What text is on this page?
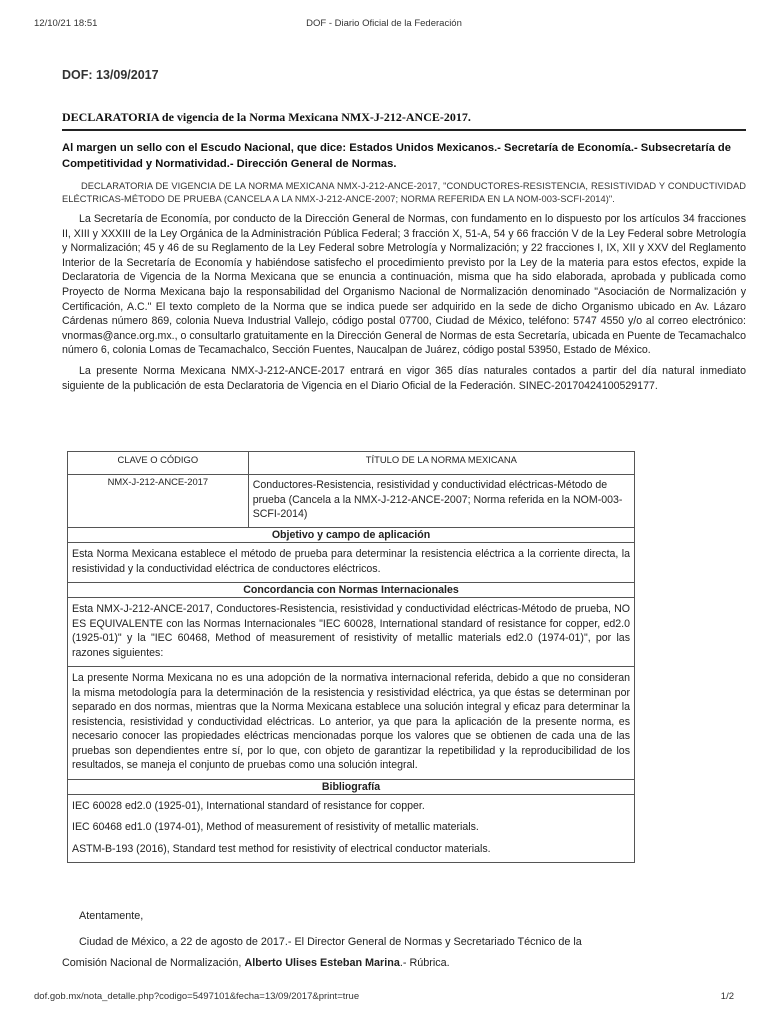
12/10/21 18:51	DOF - Diario Oficial de la Federación
DOF: 13/09/2017
DECLARATORIA de vigencia de la Norma Mexicana NMX-J-212-ANCE-2017.
Al margen un sello con el Escudo Nacional, que dice: Estados Unidos Mexicanos.- Secretaría de Economía.- Subsecretaría de Competitividad y Normatividad.- Dirección General de Normas.
DECLARATORIA DE VIGENCIA DE LA NORMA MEXICANA NMX-J-212-ANCE-2017, "CONDUCTORES-RESISTENCIA, RESISTIVIDAD Y CONDUCTIVIDAD ELÉCTRICAS-MÉTODO DE PRUEBA (CANCELA A LA NMX-J-212-ANCE-2007; NORMA REFERIDA EN LA NOM-003-SCFI-2014)".
La Secretaría de Economía, por conducto de la Dirección General de Normas, con fundamento en lo dispuesto por los artículos 34 fracciones II, XIII y XXXIII de la Ley Orgánica de la Administración Pública Federal; 3 fracción X, 51-A, 54 y 66 fracción V de la Ley Federal sobre Metrología y Normalización; 45 y 46 de su Reglamento de la Ley Federal sobre Metrología y Normalización; y 22 fracciones I, IX, XII y XXV del Reglamento Interior de la Secretaría de Economía y habiéndose satisfecho el procedimiento previsto por la Ley de la materia para estos efectos, expide la Declaratoria de Vigencia de la Norma Mexicana que se enuncia a continuación, misma que ha sido elaborada, aprobada y publicada como Proyecto de Norma Mexicana bajo la responsabilidad del Organismo Nacional de Normalización denominado "Asociación de Normalización y Certificación, A.C." El texto completo de la Norma que se indica puede ser adquirido en la sede de dicho Organismo ubicado en Av. Lázaro Cárdenas número 869, colonia Nueva Industrial Vallejo, código postal 07700, Ciudad de México, teléfono: 5747 4550 y/o al correo electrónico: vnormas@ance.org.mx., o consultarlo gratuitamente en la Dirección General de Normas de esta Secretaría, ubicada en Puente de Tecamachalco número 6, colonia Lomas de Tecamachalco, Sección Fuentes, Naucalpan de Juárez, código postal 53950, Estado de México.
La presente Norma Mexicana NMX-J-212-ANCE-2017 entrará en vigor 365 días naturales contados a partir del día natural inmediato siguiente de la publicación de esta Declaratoria de Vigencia en el Diario Oficial de la Federación. SINEC-20170424100529177.
CLAVE O CÓDIGO	TÍTULO DE LA NORMA MEXICANA
NMX-J-212-ANCE-2017	Conductores-Resistencia, resistividad y conductividad eléctricas-Método de prueba (Cancela a la NMX-J-212-ANCE-2007; Norma referida en la NOM-003-SCFI-2014)
Objetivo y campo de aplicación	

Esta Norma Mexicana establece el método de prueba para determinar la resistencia eléctrica a la corriente directa, la resistividad y la conductividad eléctrica de conductores eléctricos.	

Concordancia con Normas Internacionales	

Esta NMX-J-212-ANCE-2017, Conductores-Resistencia, resistividad y conductividad eléctricas-Método de prueba, NO ES EQUIVALENTE con las Normas Internacionales "IEC 60028, International standard of resistance for copper, ed2.0 (1925-01)" y la "IEC 60468, Method of measurement of resistivity of metallic materials ed2.0 (1974-01)", por las razones siguientes:	

La presente Norma Mexicana no es una adopción de la normativa internacional referida, debido a que no consideran la misma metodología para la determinación de la resistencia y resistividad eléctrica, ya que éstas se determinan por separado en dos normas, mientras que la Norma Mexicana establece una solución integral y eficaz para determinar la resistencia, resistividad y conductividad eléctricas. Lo anterior, ya que para la aplicación de la presente norma, es necesario conocer las propiedades eléctricas mencionadas porque los valores que se obtienen de cada una de las pruebas son dependientes entre sí, por lo que, con objeto de garantizar la repetibilidad y la reproducibilidad de los resultados, se maneja el conjunto de pruebas como una solución integral.	

Bibliografía	

IEC 60028 ed2.0 (1925-01), International standard of resistance for copper.

IEC 60468 ed1.0 (1974-01), Method of measurement of resistivity of metallic materials.

ASTM-B-193 (2016), Standard test method for resistivity of electrical conductor materials.	

Atentamente,
Ciudad de México, a 22 de agosto de 2017.- El Director General de Normas y Secretariado Técnico de la
Comisión Nacional de Normalización, Alberto Ulises Esteban Marina.- Rúbrica.
dof.gob.mx/nota_detalle.php?codigo=5497101&fecha=13/09/2017&print=true	1/2
